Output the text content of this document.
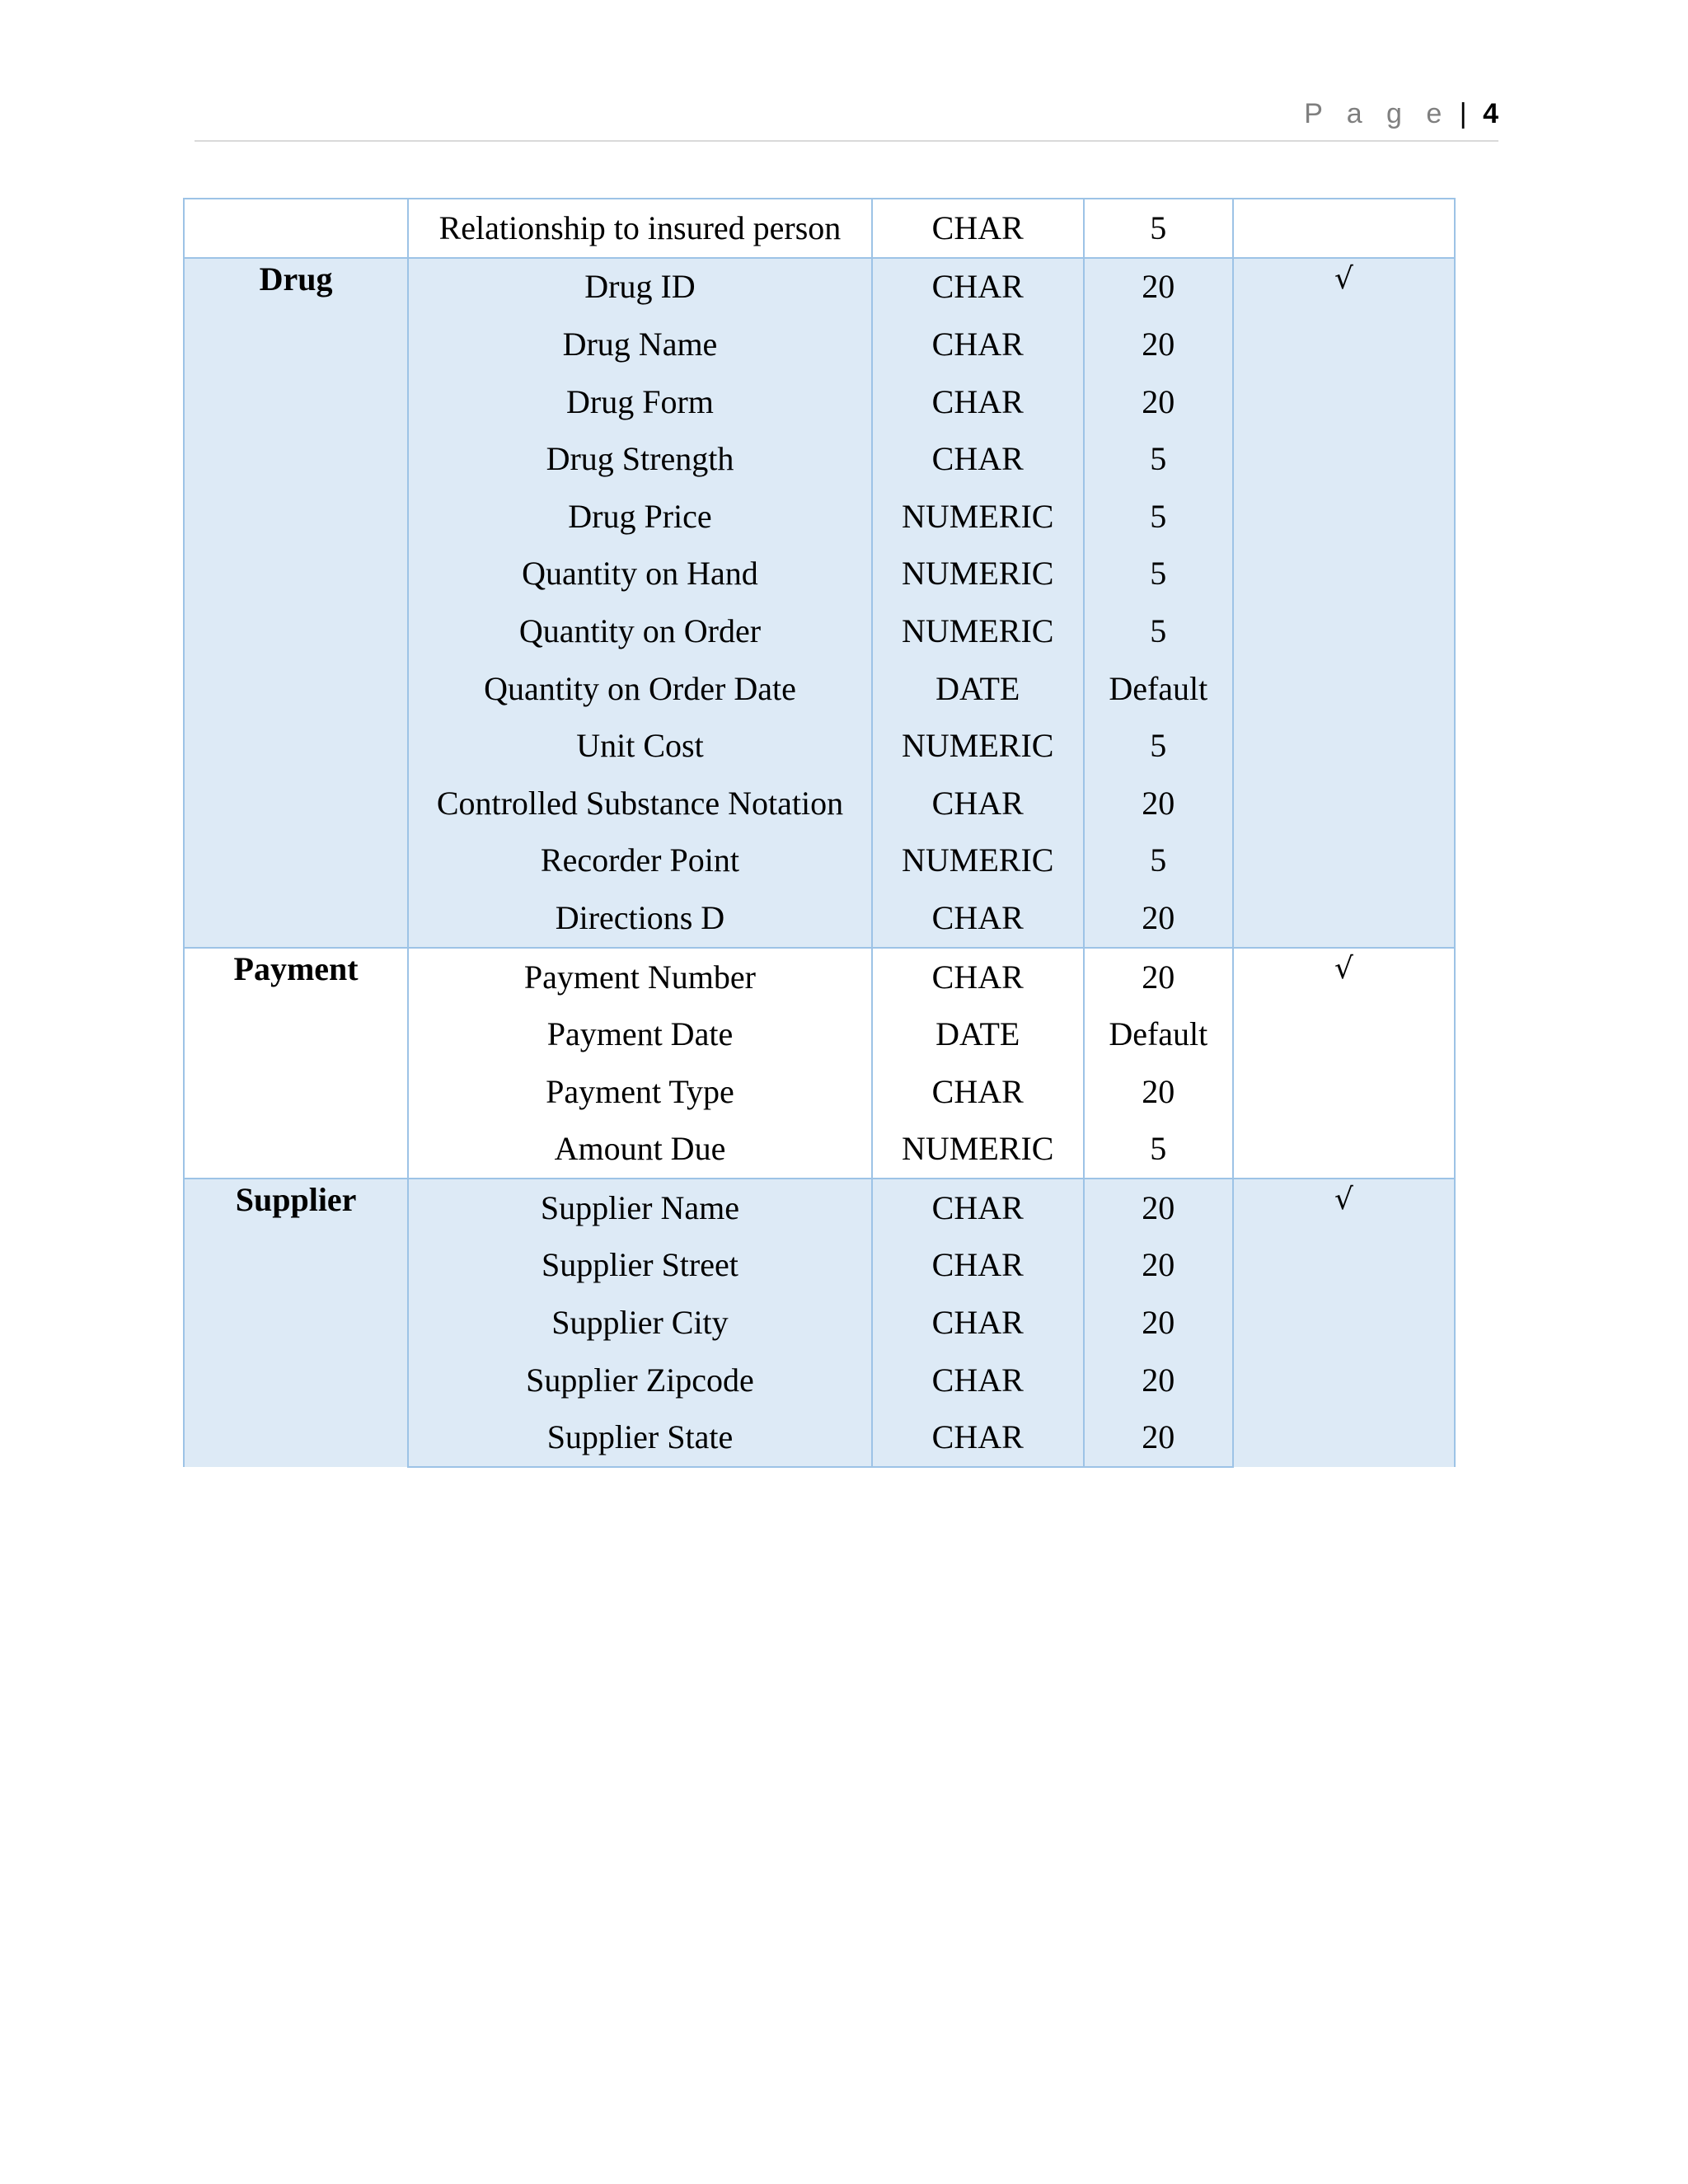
P a g e | 4
	Relationship to insured person	CHAR	5	
Drug	Drug ID	CHAR	20	√
	Drug Name	CHAR	20	
	Drug Form	CHAR	20	
	Drug Strength	CHAR	5	
	Drug Price	NUMERIC	5	
	Quantity on Hand	NUMERIC	5	
	Quantity on Order	NUMERIC	5	
	Quantity on Order Date	DATE	Default	
	Unit Cost	NUMERIC	5	
	Controlled Substance Notation	CHAR	20	
	Recorder Point	NUMERIC	5	
	Directions D	CHAR	20	
Payment	Payment Number	CHAR	20	√
	Payment Date	DATE	Default	
	Payment Type	CHAR	20	
	Amount Due	NUMERIC	5	
Supplier	Supplier Name	CHAR	20	√
	Supplier Street	CHAR	20	
	Supplier City	CHAR	20	
	Supplier Zipcode	CHAR	20	
	Supplier State	CHAR	20	
